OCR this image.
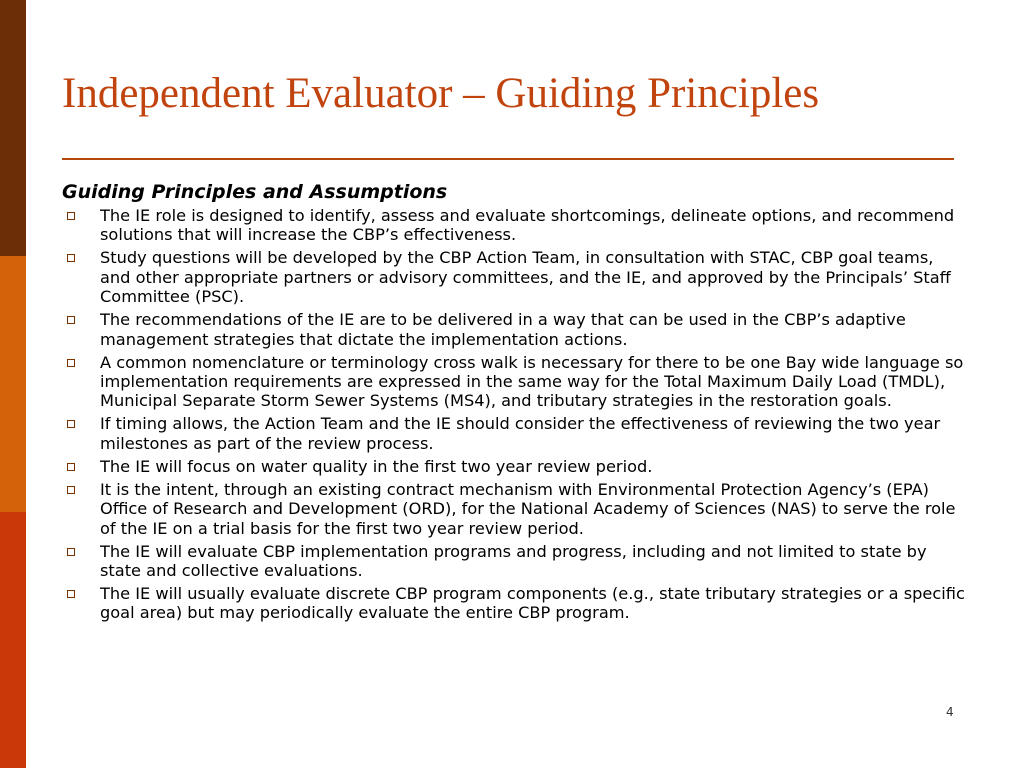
Independent Evaluator – Guiding Principles

Guiding Principles and Assumptions

The IE role is designed to identify, assess and evaluate shortcomings, delineate options, and recommend solutions that will increase the CBP’s effectiveness.
Study questions will be developed by the CBP Action Team, in consultation with STAC, CBP goal teams, and other appropriate partners or advisory committees, and the IE, and approved by the Principals’ Staff Committee (PSC).
The recommendations of the IE are to be delivered in a way that can be used in the CBP’s adaptive management strategies that dictate the implementation actions.
A common nomenclature or terminology cross walk is necessary for there to be one Bay wide language so implementation requirements are expressed in the same way for the Total Maximum Daily Load (TMDL), Municipal Separate Storm Sewer Systems (MS4), and tributary strategies in the restoration goals.
If timing allows, the Action Team and the IE should consider the effectiveness of reviewing the two year milestones as part of the review process.
The IE will focus on water quality in the first two year review period.
It is the intent, through an existing contract mechanism with Environmental Protection Agency’s (EPA) Office of Research and Development (ORD), for the National Academy of Sciences (NAS) to serve the role of the IE on a trial basis for the first two year review period.
The IE will evaluate CBP implementation programs and progress, including and not limited to state by state and collective evaluations.
The IE will usually evaluate discrete CBP program components (e.g., state tributary strategies or a specific goal area) but may periodically evaluate the entire CBP program.
4
